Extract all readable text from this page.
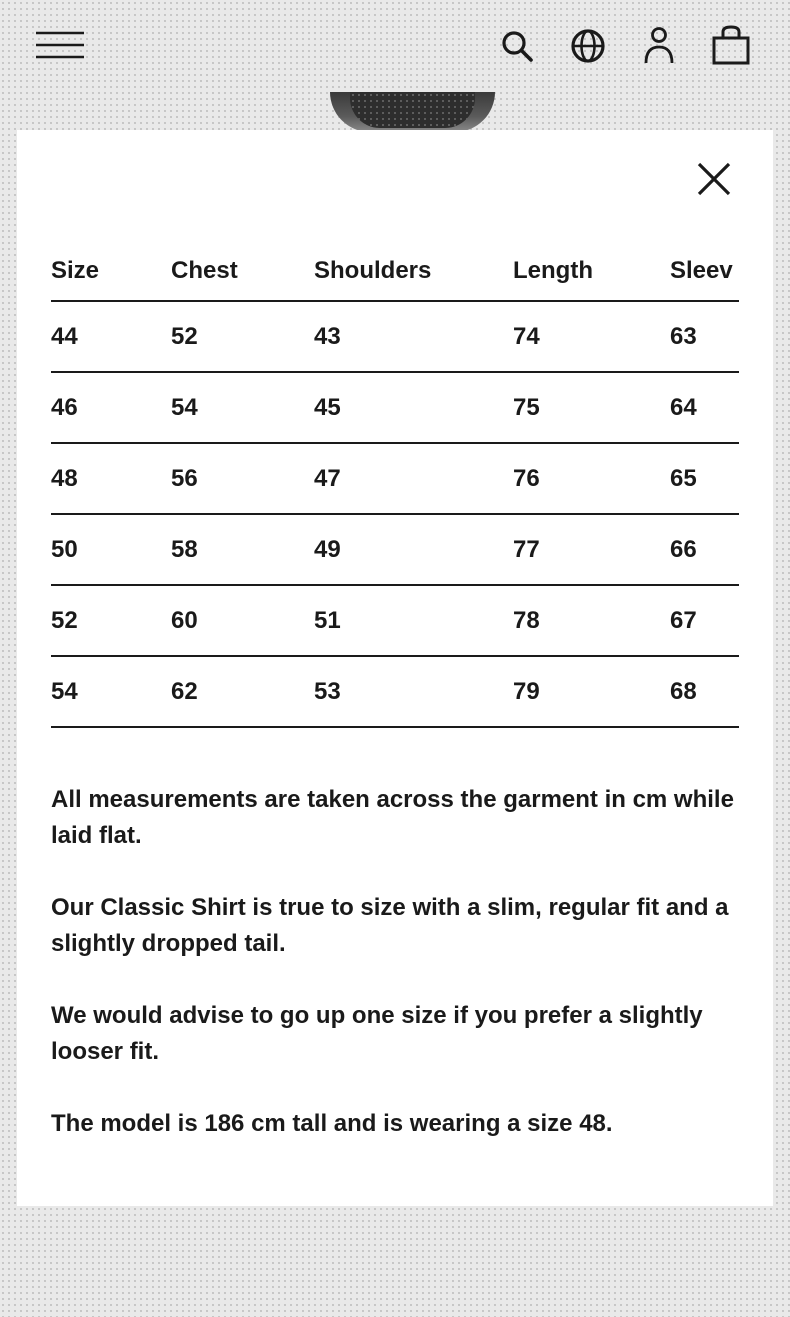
Size	Chest	Shoulders	Length	Sleev
44	52	43	74	63
46	54	45	75	64
48	56	47	76	65
50	58	49	77	66
52	60	51	78	67
54	62	53	79	68

All measurements are taken across the garment in cm while laid flat.

Our Classic Shirt is true to size with a slim, regular fit and a slightly dropped tail.

We would advise to go up one size if you prefer a slightly looser fit.

The model is 186 cm tall and is wearing a size 48.
